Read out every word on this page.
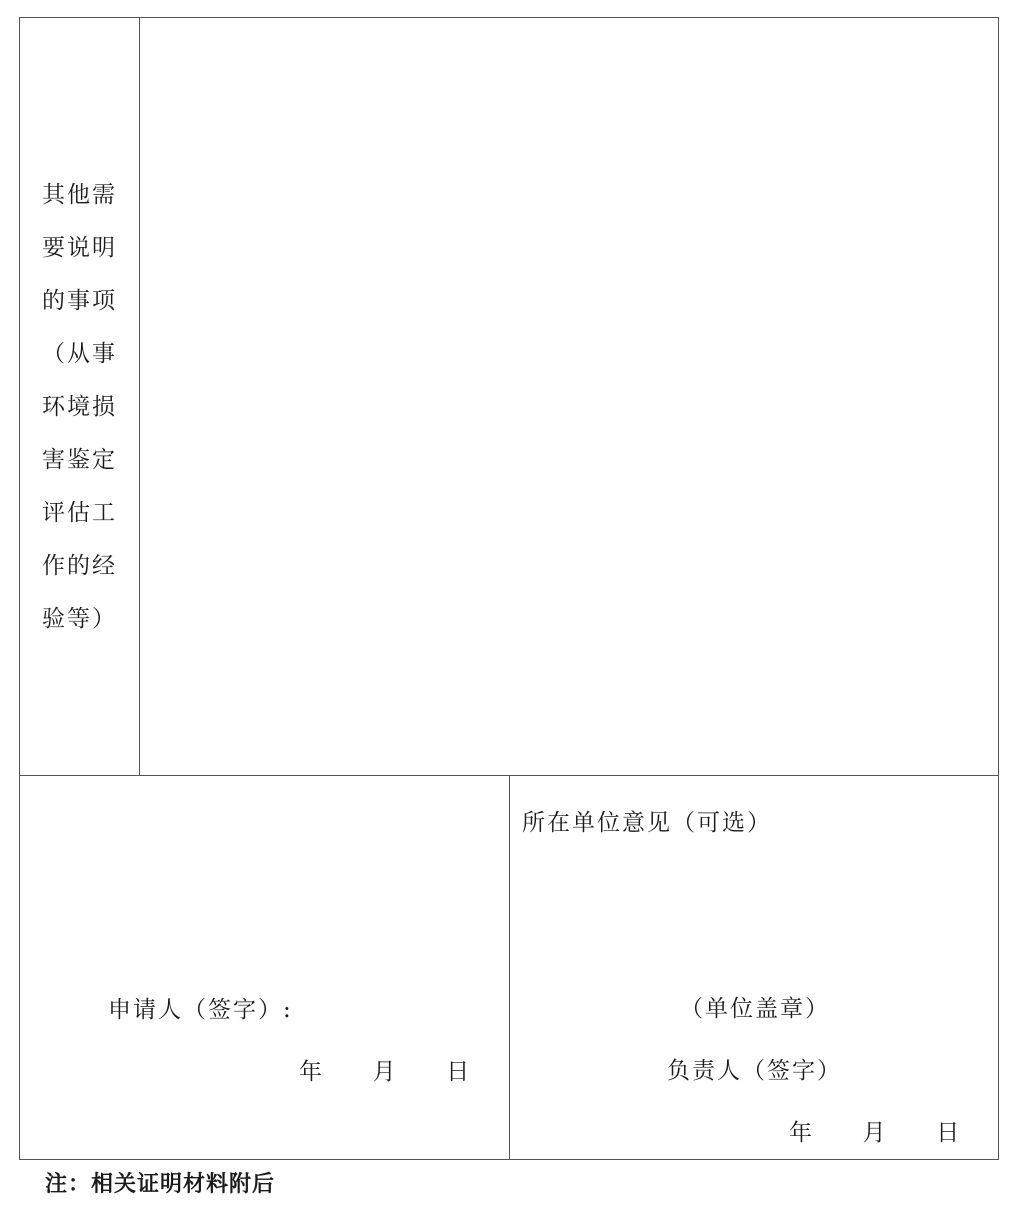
其他需
要说明
的事项
（从事
环境损
害鉴定
评估工
作的经
验等）
申请人（签字）:
年 月 日
所在单位意见（可选）
（单位盖章）
负责人（签字）
年 月 日
注：相关证明材料附后
